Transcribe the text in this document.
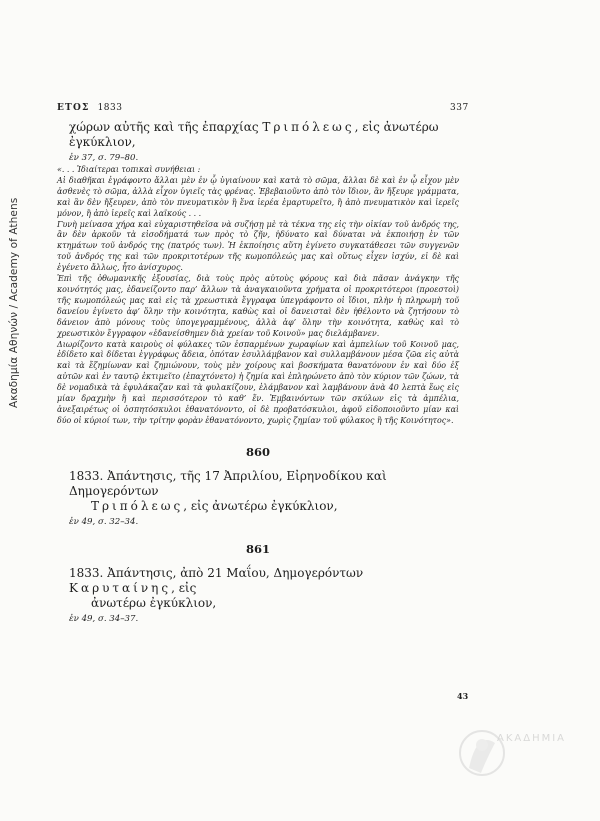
Ακαδημία Αθηνών / Academy of Athens
ΕΤΟΣ 1833	337
χώρων αὐτῆς καὶ τῆς ἐπαρχίας Τριπόλεως, εἰς ἀνωτέρω
ἐγκύκλιον,
ἐν 37, σ. 79–80.

«. . . Ἰδιαίτεραι τοπικαὶ συνήθειαι :

Αἱ διαθῆκαι ἐγράφοντο ἄλλαι μὲν ἐν ᾧ ὑγιαίνουν καὶ κατὰ τὸ σῶμα, ἄλλαι δὲ καὶ ἐν ᾧ εἶχον μὲν ἀσθενὲς τὸ σῶμα, ἀλλὰ εἶχον ὑγιεῖς τὰς φρένας. Ἐβεβαιοῦντο ἀπὸ τὸν ἴδιον, ἂν ἤξευρε γράμματα, καὶ ἂν δὲν ἤξευρεν, ἀπὸ τὸν πνευματικὸν ἢ ἕνα ἱερέα ἐμαρτυρεῖτο, ἢ ἀπὸ πνευματικὸν καὶ ἱερεῖς μόνον, ἢ ἀπὸ ἱερεῖς καὶ λαϊκούς . . .

Γυνὴ μείνασα χήρα καὶ εὐχαριστηθεῖσα νὰ συζήσῃ μὲ τὰ τέκνα της εἰς τὴν οἰκίαν τοῦ ἀνδρός της, ἂν δὲν ἀρκοῦν τὰ εἰσοδήματά των πρὸς τὸ ζῆν, ἠδύνατο καὶ δύναται νὰ ἐκποιήσῃ ἐν τῶν κτημάτων τοῦ ἀνδρός της (πατρός των). Ἡ ἐκποίησις αὕτη ἐγίνετο συγκατάθεσει τῶν συγγενῶν τοῦ ἀνδρός της καὶ τῶν προκριτοτέρων τῆς κωμοπόλεώς μας καὶ οὕτως εἶχεν ἰσχύν, εἰ δὲ καὶ ἐγένετο ἄλλως, ἦτο ἀνίσχυρος.

Ἐπὶ τῆς ὀθωμανικῆς ἐξουσίας, διὰ τοὺς πρὸς αὐτοὺς φόρους καὶ διὰ πᾶσαν ἀνάγκην τῆς κοινότητός μας, ἐδανείζοντο παρ’ ἄλλων τὰ ἀναγκαιοῦντα χρήματα οἱ προκριτότεροι (προεστοὶ) τῆς κωμοπόλεώς μας καὶ εἰς τὰ χρεωστικὰ ἔγγραφα ὑπεγράφοντο οἱ ἴδιοι, πλὴν ἡ πληρωμὴ τοῦ δανείου ἐγίνετο ἀφ’ ὅλην τὴν κοινότητα, καθὼς καὶ οἱ δανεισταὶ δὲν ἠθέλοντο νὰ ζητήσουν τὸ δάνειον ἀπὸ μόνους τοὺς ὑπογεγραμμένους, ἀλλὰ ἀφ’ ὅλην τὴν κοινότητα, καθὼς καὶ τὸ χρεωστικὸν ἔγγραφον «ἐδανείσθημεν διὰ χρείαν τοῦ Κοινοῦ» μας διελάμβανεν.

Διωρίζοντο κατὰ καιροὺς οἱ φύλακες τῶν ἐσπαρμένων χωραφίων καὶ ἀμπελίων τοῦ Κοινοῦ μας, ἐδίδετο καὶ δίδεται ἐγγράφως ἄδεια, ὁπόταν ἐσυλλάμβανον καὶ συλλαμβάνουν μέσα ζῶα εἰς αὐτὰ καὶ τὰ ἔζημίωναν καὶ ζημιώνουν, τοὺς μὲν χοίρους καὶ βοσκήματα θανατόνουν ἐν καὶ δύο ἐξ αὐτῶν καὶ ἐν ταυτῷ ἐκτιμεῖτο (ἐπαχτόνετο) ἡ ζημία καὶ ἐπληρώνετο ἀπὸ τὸν κύριον τῶν ζώων, τὰ δὲ νομαδικὰ τὰ ἐφυλάκαζαν καὶ τὰ φυλακίζουν, ἐλάμβανον καὶ λαμβάνουν ἀνὰ 40 λεπτὰ ἕως εἰς μίαν δραχμὴν ἢ καὶ περισσότερον τὸ καθ’ ἕν. Ἐμβαινόντων τῶν σκύλων εἰς τὰ ἀμπέλια, ἀνεξαιρέτως οἱ ὀσπητόσκυλοι ἐθανατόνοντο, οἱ δὲ προβατόσκυλοι, ἀφοῦ εἰδοποιοῦντο μίαν καὶ δύο οἱ κύριοί των, τὴν τρίτην φορὰν ἐθανατόνοντο, χωρὶς ζημίαν τοῦ φύλακος ἢ τῆς Κοινότητος».

860
1833. Ἀπάντησις, τῆς 17 Ἀπριλίου, Εἰρηνοδίκου καὶ Δημογερόντων
Τριπόλεως, εἰς ἀνωτέρω ἐγκύκλιον,
ἐν 49, σ. 32–34.
861
1833. Ἀπάντησις, ἀπὸ 21 Μαΐου, Δημογερόντων Καρυταίνης, εἰς
ἀνωτέρω ἐγκύκλιον,
ἐν 49, σ. 34–37.
43
ΑΚΑΔΗΜΙΑ
